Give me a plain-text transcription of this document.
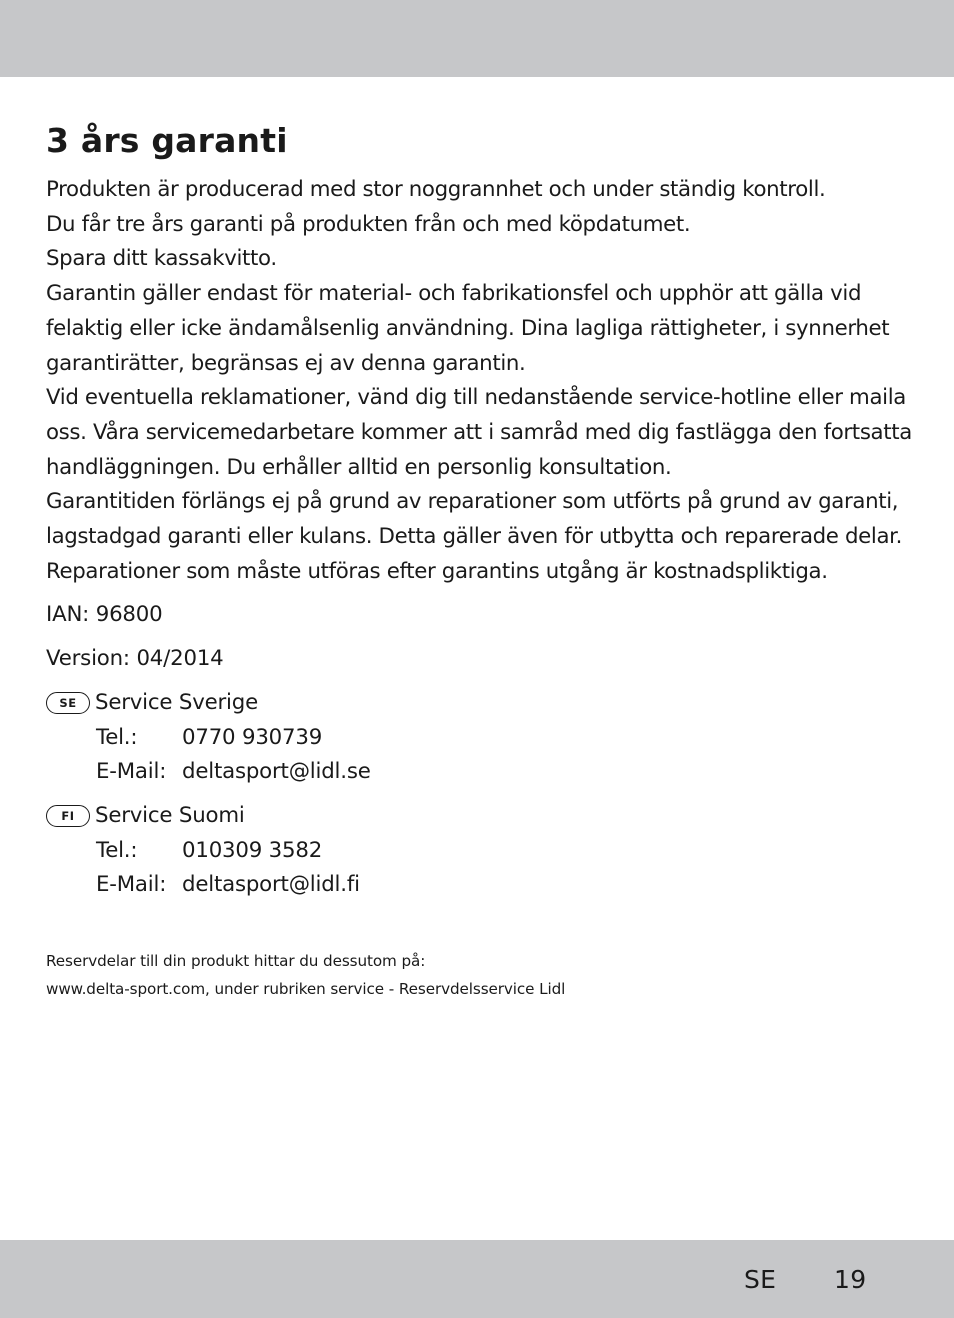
3 års garanti

Produkten är producerad med stor noggrannhet och under ständig kontroll.

Du får tre års garanti på produkten från och med köpdatumet.

Spara ditt kassakvitto.

Garantin gäller endast för material- och fabrikationsfel och upphör att gälla vid felaktig eller icke ändamålsenlig användning. Dina lagliga rättigheter, i synnerhet garantirätter, begränsas ej av denna garantin.

Vid eventuella reklamationer, vänd dig till nedanstående service-hotline eller maila oss. Våra servicemedarbetare kommer att i samråd med dig fastlägga den fortsatta handläggningen. Du erhåller alltid en personlig konsultation.

Garantitiden förlängs ej på grund av reparationer som utförts på grund av garanti, lagstadgad garanti eller kulans. Detta gäller även för utbytta och reparerade delar. Reparationer som måste utföras efter garantins utgång är kostnadspliktiga.

IAN: 96800
Version: 04/2014
SE Service Sverige
Tel.:	0770 930739
E-Mail: deltasport@lidl.se
FI Service Suomi
Tel.:	010309 3582
E-Mail: deltasport@lidl.fi
Reservdelar till din produkt hittar du dessutom på:
www.delta-sport.com, under rubriken service - Reservdelsservice Lidl
SE 19
